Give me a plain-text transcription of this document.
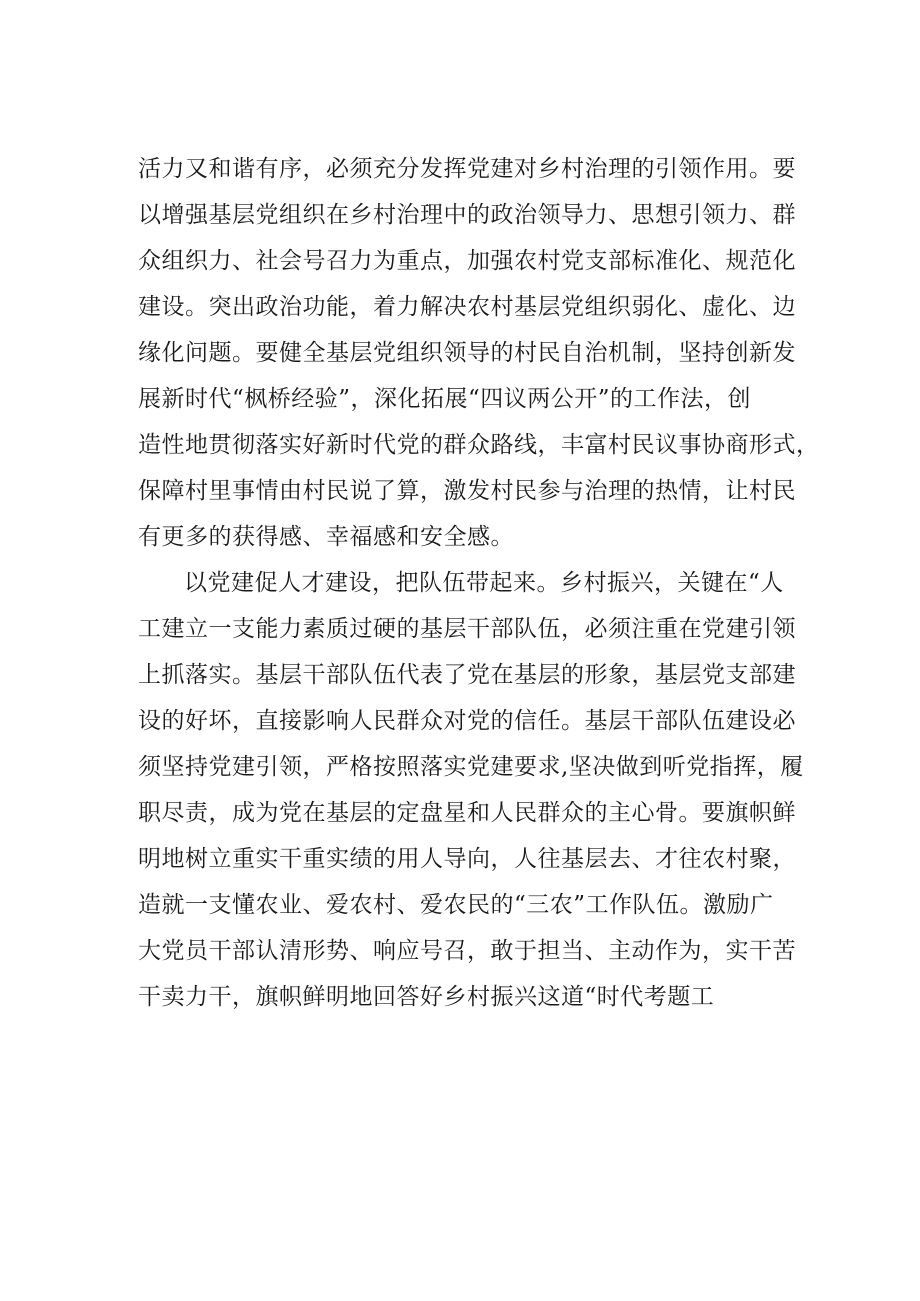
活力又和谐有序，必须充分发挥党建对乡村治理的引领作用。要
以增强基层党组织在乡村治理中的政治领导力、思想引领力、群
众组织力、社会号召力为重点，加强农村党支部标准化、规范化
建设。突出政治功能，着力解决农村基层党组织弱化、虚化、边
缘化问题。要健全基层党组织领导的村民自治机制，坚持创新发
展新时代“枫桥经验”，深化拓展“四议两公开”的工作法，创
造性地贯彻落实好新时代党的群众路线，丰富村民议事协商形式，
保障村里事情由村民说了算，激发村民参与治理的热情，让村民
有更多的获得感、幸福感和安全感。
以党建促人才建设，把队伍带起来。乡村振兴，关键在“人
工建立一支能力素质过硬的基层干部队伍，必须注重在党建引领
上抓落实。基层干部队伍代表了党在基层的形象，基层党支部建
设的好坏，直接影响人民群众对党的信任。基层干部队伍建设必
须坚持党建引领，严格按照落实党建要求,坚决做到听党指挥，履
职尽责，成为党在基层的定盘星和人民群众的主心骨。要旗帜鲜
明地树立重实干重实绩的用人导向，人往基层去、才往农村聚，
造就一支懂农业、爱农村、爱农民的“三农”工作队伍。激励广
大党员干部认清形势、响应号召，敢于担当、主动作为，实干苦
干卖力干，旗帜鲜明地回答好乡村振兴这道“时代考题工
